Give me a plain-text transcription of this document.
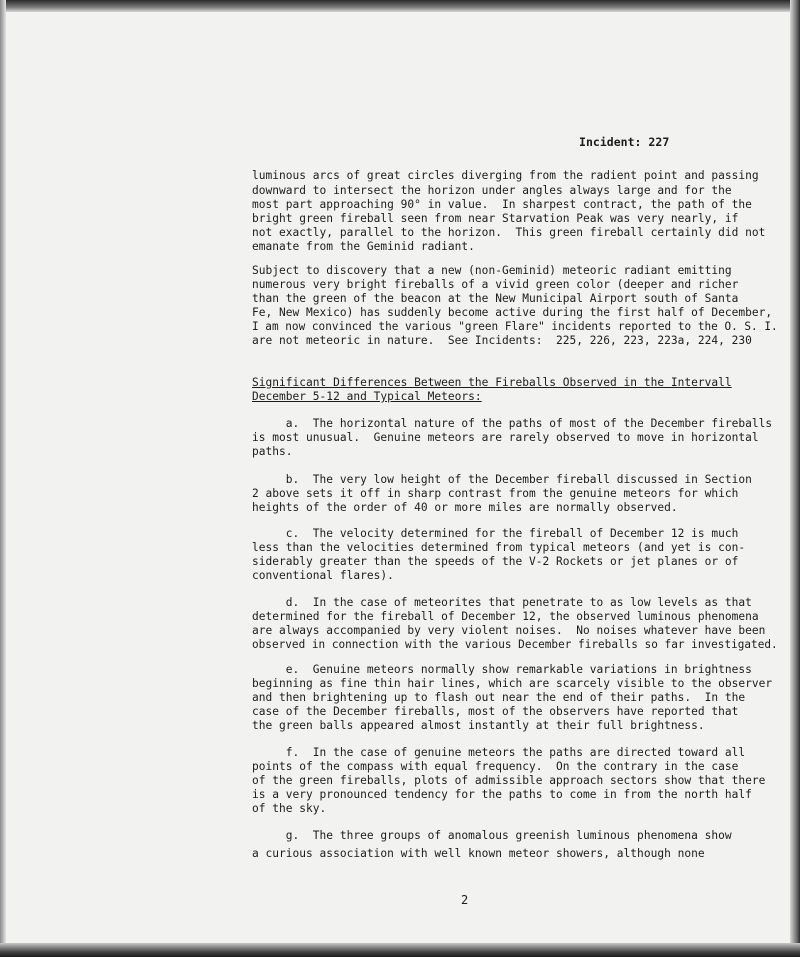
Incident: 227
luminous arcs of great circles diverging from the radient point and passing
downward to intersect the horizon under angles always large and for the
most part approaching 90° in value.  In sharpest contract, the path of the
bright green fireball seen from near Starvation Peak was very nearly, if
not exactly, parallel to the horizon.  This green fireball certainly did not
emanate from the Geminid radiant.
Subject to discovery that a new (non-Geminid) meteoric radiant emitting
numerous very bright fireballs of a vivid green color (deeper and richer
than the green of the beacon at the New Municipal Airport south of Santa
Fe, New Mexico) has suddenly become active during the first half of December,
I am now convinced the various "green Flare" incidents reported to the O. S. I.
are not meteoric in nature.  See Incidents:  225, 226, 223, 223a, 224, 230
Significant Differences Between the Fireballs Observed in the Intervall
December 5-12 and Typical Meteors:
a.  The horizontal nature of the paths of most of the December fireballs
is most unusual.  Genuine meteors are rarely observed to move in horizontal
paths.
b.  The very low height of the December fireball discussed in Section
2 above sets it off in sharp contrast from the genuine meteors for which
heights of the order of 40 or more miles are normally observed.
c.  The velocity determined for the fireball of December 12 is much
less than the velocities determined from typical meteors (and yet is con-
siderably greater than the speeds of the V-2 Rockets or jet planes or of
conventional flares).
d.  In the case of meteorites that penetrate to as low levels as that
determined for the fireball of December 12, the observed luminous phenomena
are always accompanied by very violent noises.  No noises whatever have been
observed in connection with the various December fireballs so far investigated.
e.  Genuine meteors normally show remarkable variations in brightness
beginning as fine thin hair lines, which are scarcely visible to the observer
and then brightening up to flash out near the end of their paths.  In the
case of the December fireballs, most of the observers have reported that
the green balls appeared almost instantly at their full brightness.
f.  In the case of genuine meteors the paths are directed toward all
points of the compass with equal frequency.  On the contrary in the case
of the green fireballs, plots of admissible approach sectors show that there
is a very pronounced tendency for the paths to come in from the north half
of the sky.
g.  The three groups of anomalous greenish luminous phenomena show
a curious association with well known meteor showers, although none
2
